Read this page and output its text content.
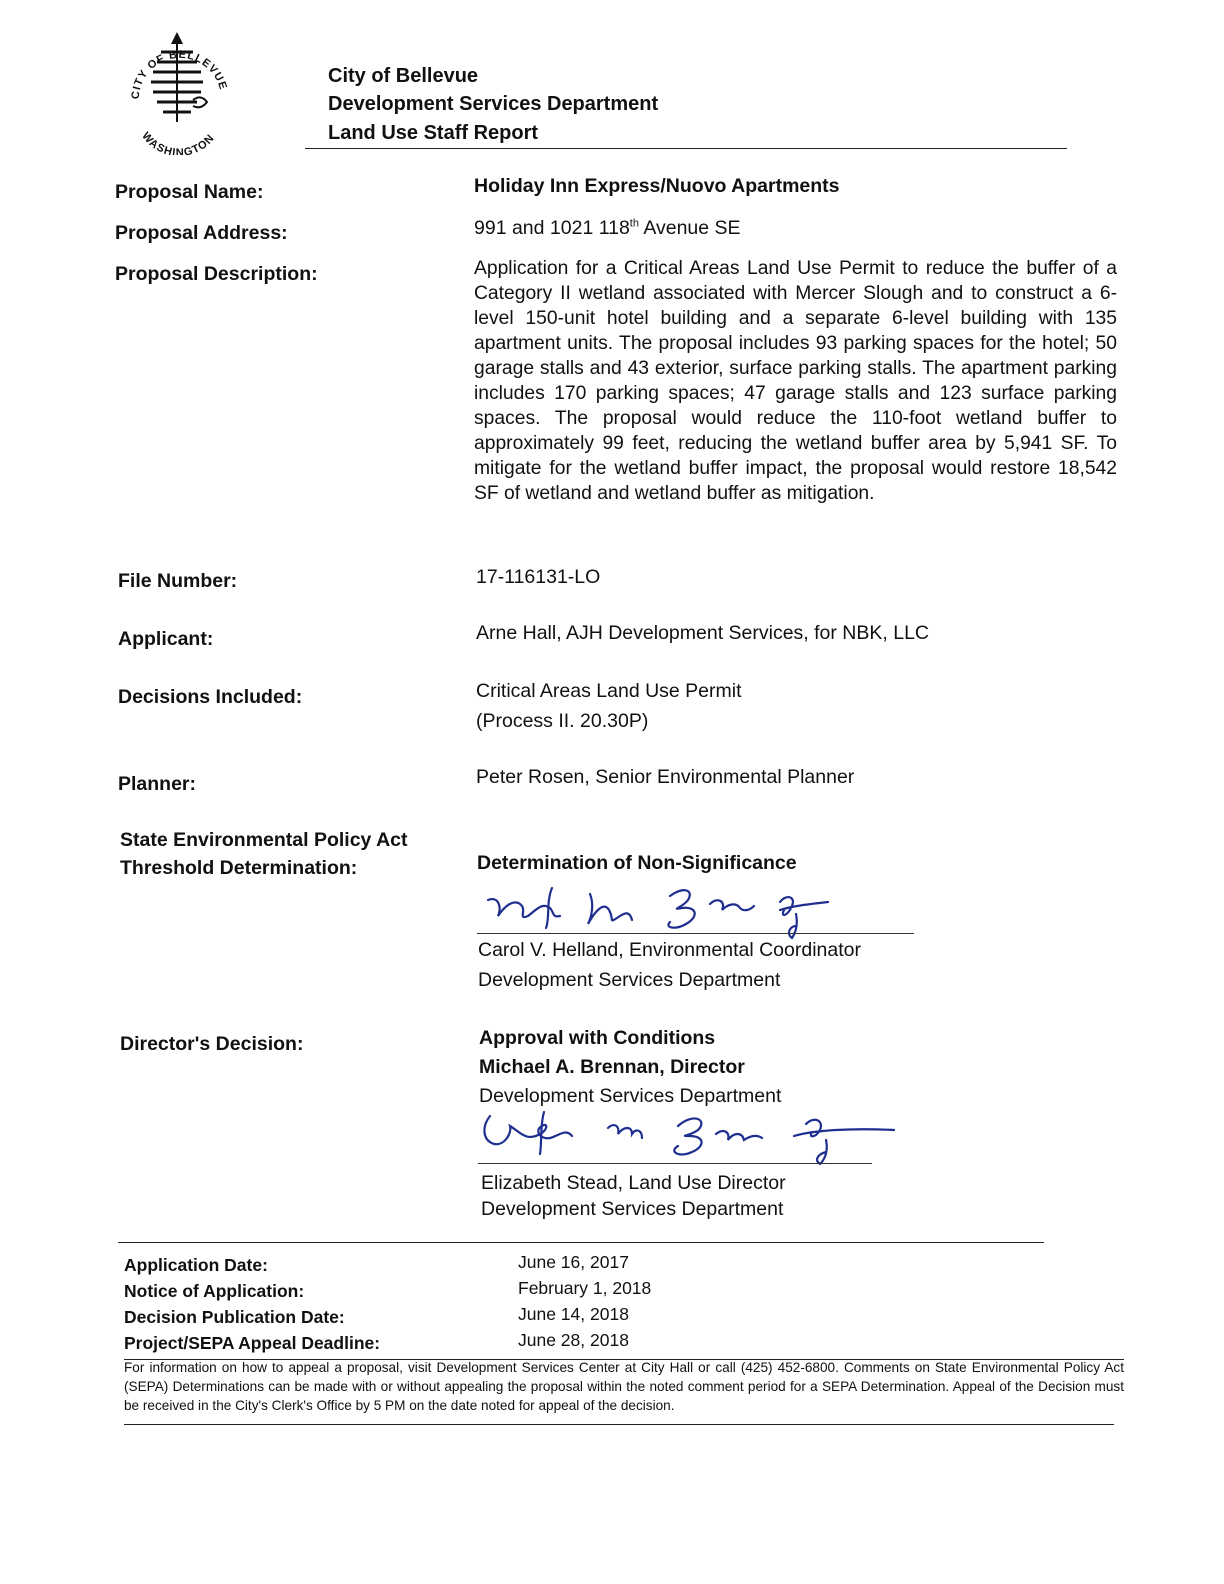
CITY OF BELLEVUE
WASHINGTON
City of Bellevue
Development Services Department
Land Use Staff Report
Proposal Name:	Holiday Inn Express/Nuovo Apartments
Proposal Address:	991 and 1021 118th Avenue SE
Proposal Description:	Application for a Critical Areas Land Use Permit to reduce the buffer of a Category II wetland associated with Mercer Slough and to construct a 6-level 150-unit hotel building and a separate 6-level building with 135 apartment units. The proposal includes 93 parking spaces for the hotel; 50 garage stalls and 43 exterior, surface parking stalls. The apartment parking includes 170 parking spaces; 47 garage stalls and 123 surface parking spaces. The proposal would reduce the 110-foot wetland buffer to approximately 99 feet, reducing the wetland buffer area by 5,941 SF. To mitigate for the wetland buffer impact, the proposal would restore 18,542 SF of wetland and wetland buffer as mitigation.
File Number:	17-116131-LO
Applicant:	Arne Hall, AJH Development Services, for NBK, LLC
Decisions Included:	Critical Areas Land Use Permit
(Process II. 20.30P)
Planner:	Peter Rosen, Senior Environmental Planner
State Environmental Policy Act
Threshold Determination:	Determination of Non-Significance
Carol V. Helland, Environmental Coordinator
Development Services Department
Director's Decision:	Approval with Conditions
Michael A. Brennan, Director
Development Services Department
Elizabeth Stead, Land Use Director
Development Services Department
Application Date:	June 16, 2017
Notice of Application:	February 1, 2018
Decision Publication Date:	June 14, 2018
Project/SEPA Appeal Deadline:	June 28, 2018
For information on how to appeal a proposal, visit Development Services Center at City Hall or call (425) 452-6800. Comments on State Environmental Policy Act (SEPA) Determinations can be made with or without appealing the proposal within the noted comment period for a SEPA Determination. Appeal of the Decision must be received in the City's Clerk's Office by 5 PM on the date noted for appeal of the decision.
